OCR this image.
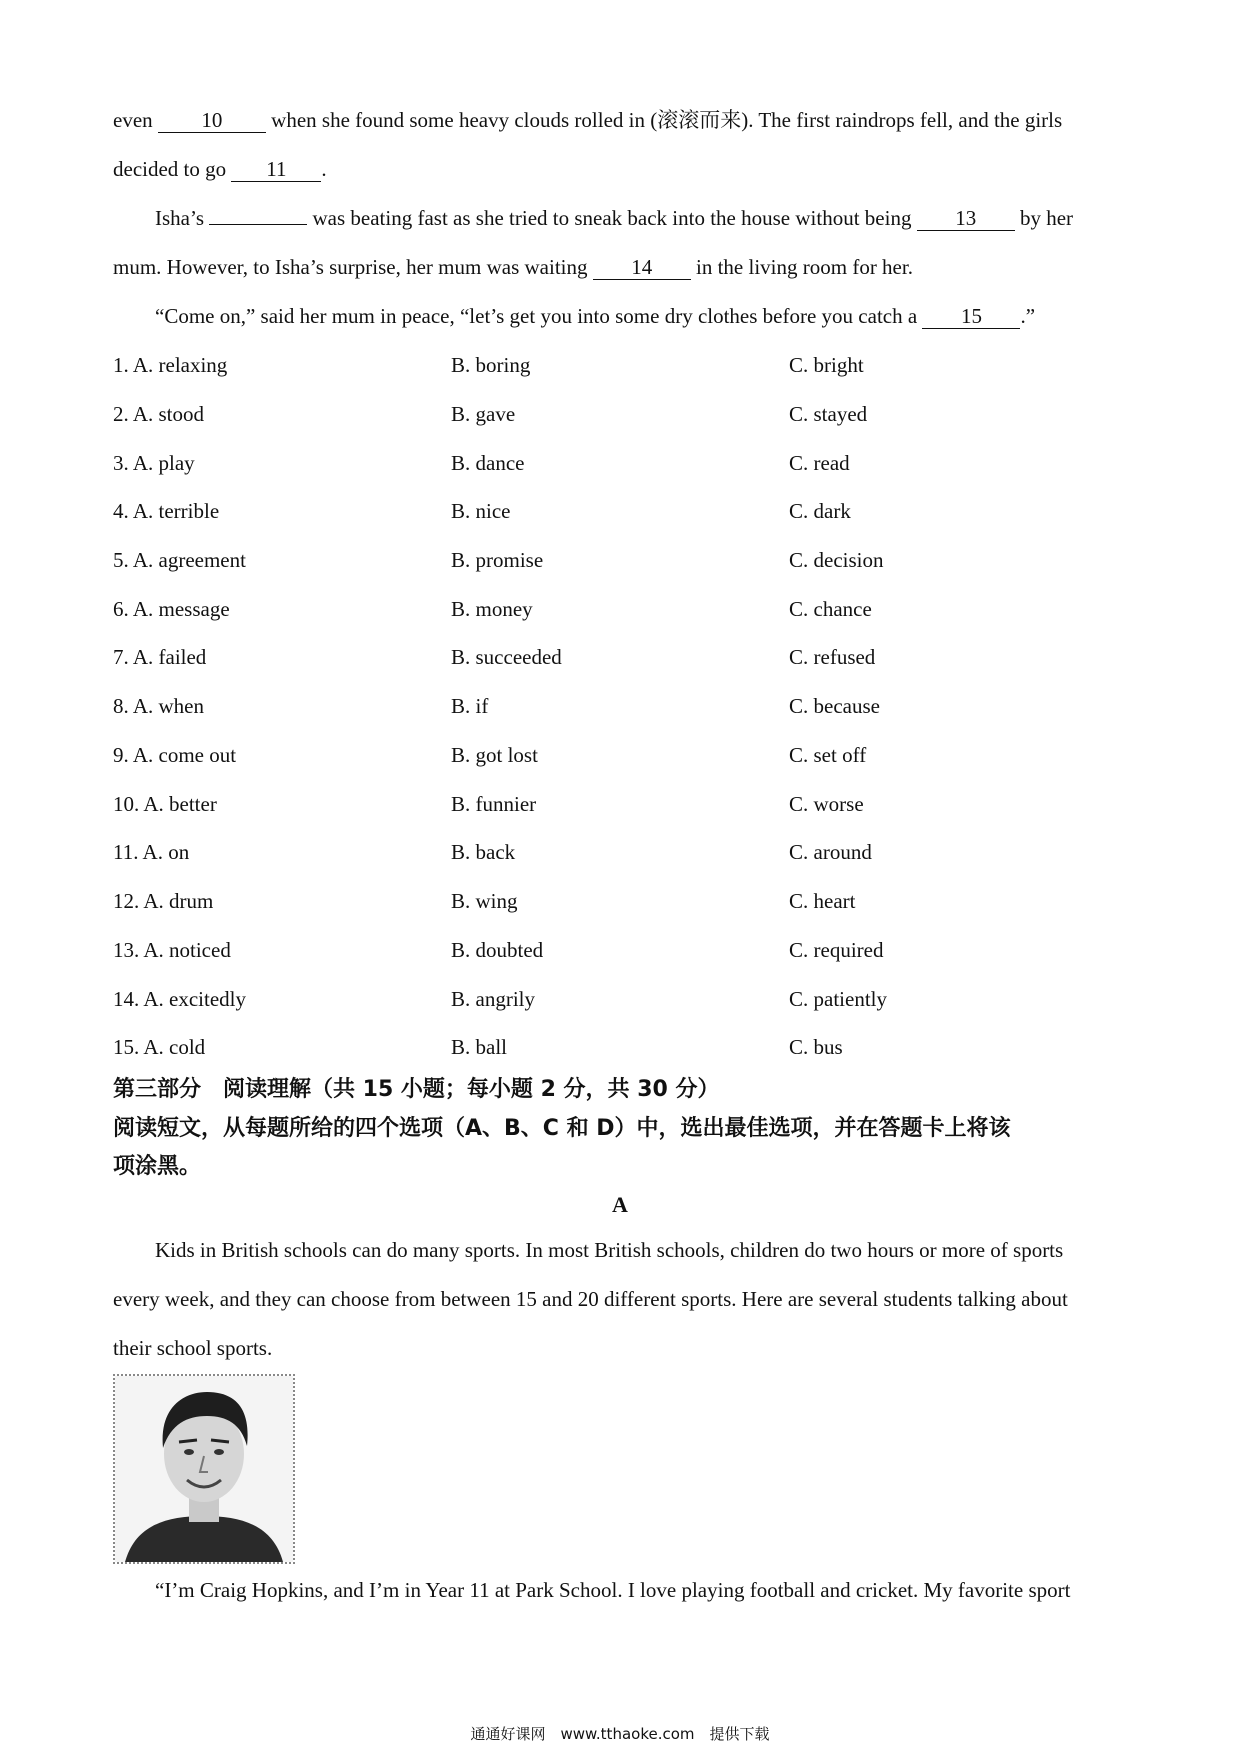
even 10 when she found some heavy clouds rolled in (滚滚而来). The first raindrops fell, and the girls
decided to go 11 .
Isha’s	was beating fast as she tried to sneak back into the house without being 13 by her
mum. However, to Isha’s surprise, her mum was waiting 14 in the living room for her.
“Come on,” said her mum in peace, “let’s get you into some dry clothes before you catch a 15 .”
1. A. relaxing	B. boring	C. bright
2. A. stood	B. gave	C. stayed
3. A. play	B. dance	C. read
4. A. terrible	B. nice	C. dark
5. A. agreement	B. promise	C. decision
6. A. message	B. money	C. chance
7. A. failed	B. succeeded	C. refused
8. A. when	B. if	C. because
9. A. come out	B. got lost	C. set off
10. A. better	B. funnier	C. worse
11. A. on	B. back	C. around
12. A. drum	B. wing	C. heart
13. A. noticed	B. doubted	C. required
14. A. excitedly	B. angrily	C. patiently
15. A. cold	B. ball	C. bus
第三部分　阅读理解（共 15 小题；每小题 2 分，共 30 分）
阅读短文，从每题所给的四个选项（A、B、C 和 D）中，选出最佳选项，并在答题卡上将该
项涂黑。
A
Kids in British schools can do many sports. In most British schools, children do two hours or more of sports
every week, and they can choose from between 15 and 20 different sports. Here are several students talking about
their school sports.
“I’m Craig Hopkins, and I’m in Year 11 at Park School. I love playing football and cricket. My favorite sport
通通好课网　www.tthaoke.com　提供下载
